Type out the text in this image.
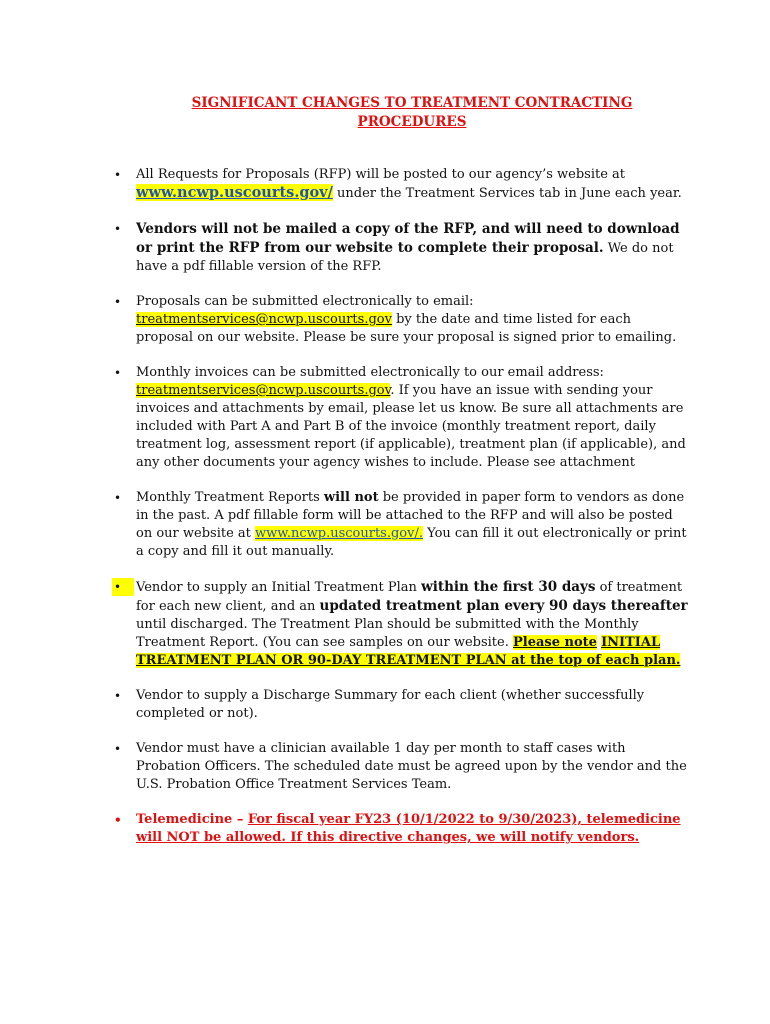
SIGNIFICANT CHANGES TO TREATMENT CONTRACTING
PROCEDURES
•	All Requests for Proposals (RFP) will be posted to our agency’s website at
www.ncwp.uscourts.gov/ under the Treatment Services tab in June each year.
•	Vendors will not be mailed a copy of the RFP, and will need to download or print the RFP from our website to complete their proposal. We do not have a pdf fillable version of the RFP.
•	Proposals can be submitted electronically to email:
treatmentservices@ncwp.uscourts.gov by the date and time listed for each proposal on our website. Please be sure your proposal is signed prior to emailing.
•	Monthly invoices can be submitted electronically to our email address:
treatmentservices@ncwp.uscourts.gov. If you have an issue with sending your invoices and attachments by email, please let us know. Be sure all attachments are included with Part A and Part B of the invoice (monthly treatment report, daily treatment log, assessment report (if applicable), treatment plan (if applicable), and any other documents your agency wishes to include. Please see attachment
•	Monthly Treatment Reports will not be provided in paper form to vendors as done in the past. A pdf fillable form will be attached to the RFP and will also be posted on our website at www.ncwp.uscourts.gov/. You can fill it out electronically or print a copy and fill it out manually.
•	Vendor to supply an Initial Treatment Plan within the first 30 days of treatment for each new client, and an updated treatment plan every 90 days thereafter until discharged. The Treatment Plan should be submitted with the Monthly Treatment Report. (You can see samples on our website. Please note INITIAL TREATMENT PLAN OR 90-DAY TREATMENT PLAN at the top of each plan.
•	Vendor to supply a Discharge Summary for each client (whether successfully completed or not).
•	Vendor must have a clinician available 1 day per month to staff cases with Probation Officers. The scheduled date must be agreed upon by the vendor and the U.S. Probation Office Treatment Services Team.
•	Telemedicine – For fiscal year FY23 (10/1/2022 to 9/30/2023), telemedicine will NOT be allowed. If this directive changes, we will notify vendors.
